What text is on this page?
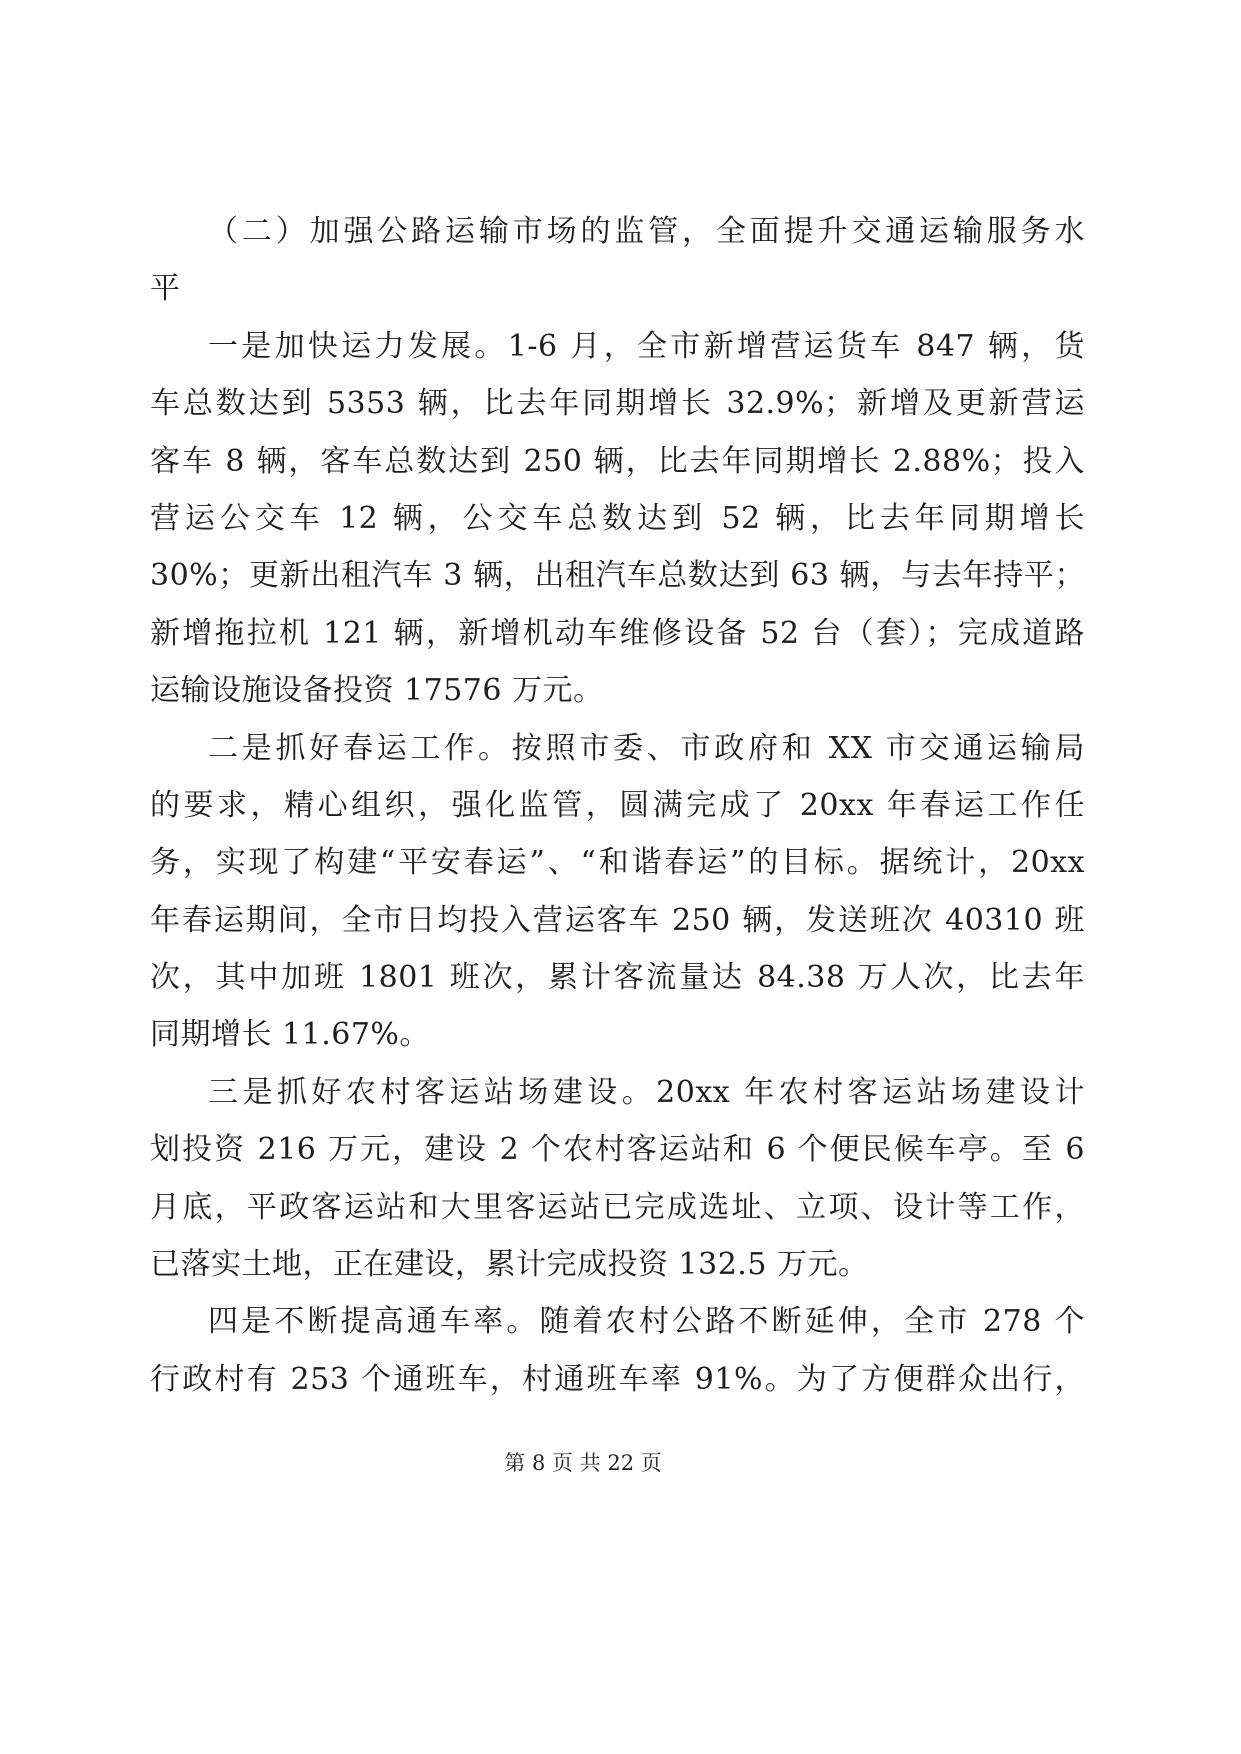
（二）加强公路运输市场的监管，全面提升交通运输服务水
平
一是加快运力发展。1-6 月，全市新增营运货车 847 辆，货
车总数达到 5353 辆，比去年同期增长 32.9%；新增及更新营运
客车 8 辆，客车总数达到 250 辆，比去年同期增长 2.88%；投入
营运公交车 12 辆，公交车总数达到 52 辆，比去年同期增长
30%；更新出租汽车 3 辆，出租汽车总数达到 63 辆，与去年持平；
新增拖拉机 121 辆，新增机动车维修设备 52 台（套）；完成道路
运输设施设备投资 17576 万元。
二是抓好春运工作。按照市委、市政府和 XX 市交通运输局
的要求，精心组织，强化监管，圆满完成了 20xx 年春运工作任
务，实现了构建“平安春运”、“和谐春运”的目标。据统计，20xx
年春运期间，全市日均投入营运客车 250 辆，发送班次 40310 班
次，其中加班 1801 班次，累计客流量达 84.38 万人次，比去年
同期增长 11.67%。
三是抓好农村客运站场建设。20xx 年农村客运站场建设计
划投资 216 万元，建设 2 个农村客运站和 6 个便民候车亭。至 6
月底，平政客运站和大里客运站已完成选址、立项、设计等工作，
已落实土地，正在建设，累计完成投资 132.5 万元。
四是不断提高通车率。随着农村公路不断延伸，全市 278 个
行政村有 253 个通班车，村通班车率 91%。为了方便群众出行，
第 8 页 共 22 页
